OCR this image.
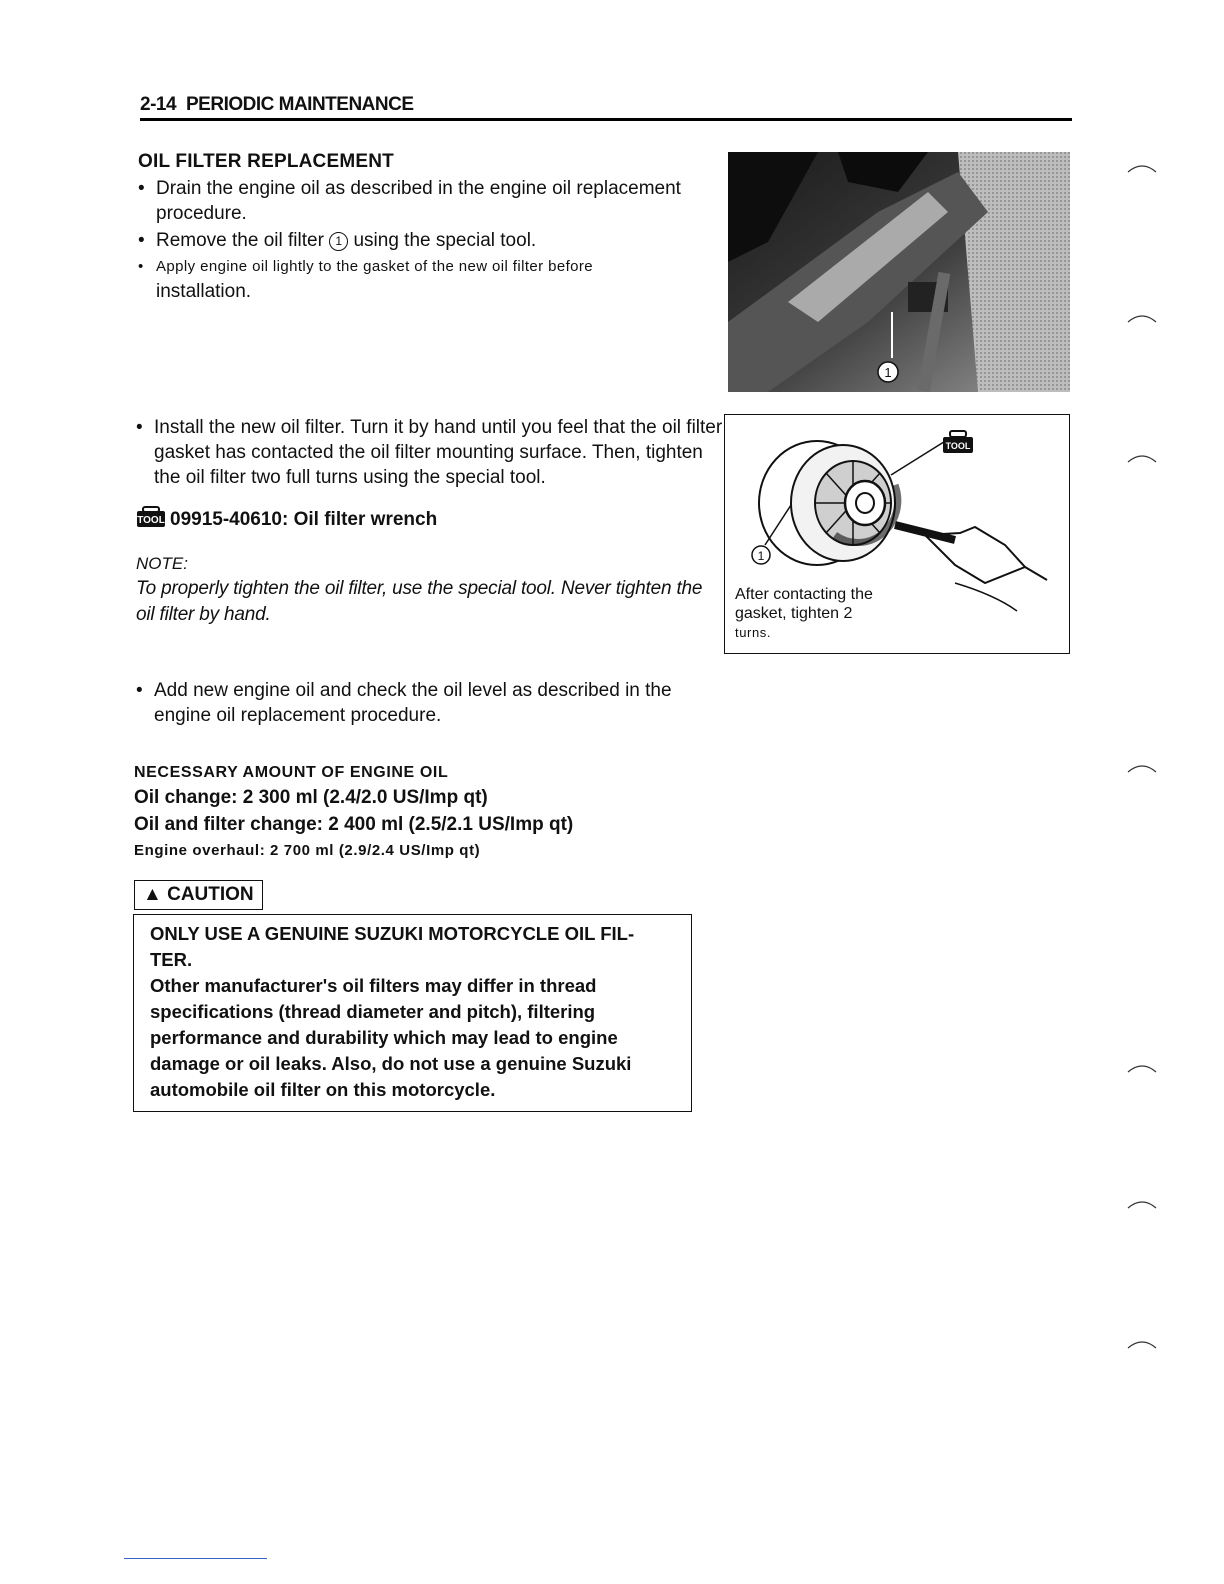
2-14 PERIODIC MAINTENANCE
OIL FILTER REPLACEMENT
• Drain the engine oil as described in the engine oil replacement procedure.
• Remove the oil filter 1 using the special tool.
• Apply engine oil lightly to the gasket of the new oil filter before
installation.
1
• Install the new oil filter. Turn it by hand until you feel that the oil filter gasket has contacted the oil filter mounting surface. Then, tighten the oil filter two full turns using the special tool.
TOOL 09915-40610: Oil filter wrench
NOTE:
To properly tighten the oil filter, use the special tool. Never tighten the oil filter by hand.
TOOL
1
After contacting the
gasket, tighten 2
turns.
• Add new engine oil and check the oil level as described in the engine oil replacement procedure.
NECESSARY AMOUNT OF ENGINE OIL
Oil change: 2 300 ml (2.4/2.0 US/Imp qt)
Oil and filter change: 2 400 ml (2.5/2.1 US/Imp qt)
Engine overhaul: 2 700 ml (2.9/2.4 US/Imp qt)
▲ CAUTION

ONLY USE A GENUINE SUZUKI MOTORCYCLE OIL FIL-TER.

Other manufacturer's oil filters may differ in thread specifications (thread diameter and pitch), filtering performance and durability which may lead to engine damage or oil leaks. Also, do not use a genuine Suzuki automobile oil filter on this motorcycle.
